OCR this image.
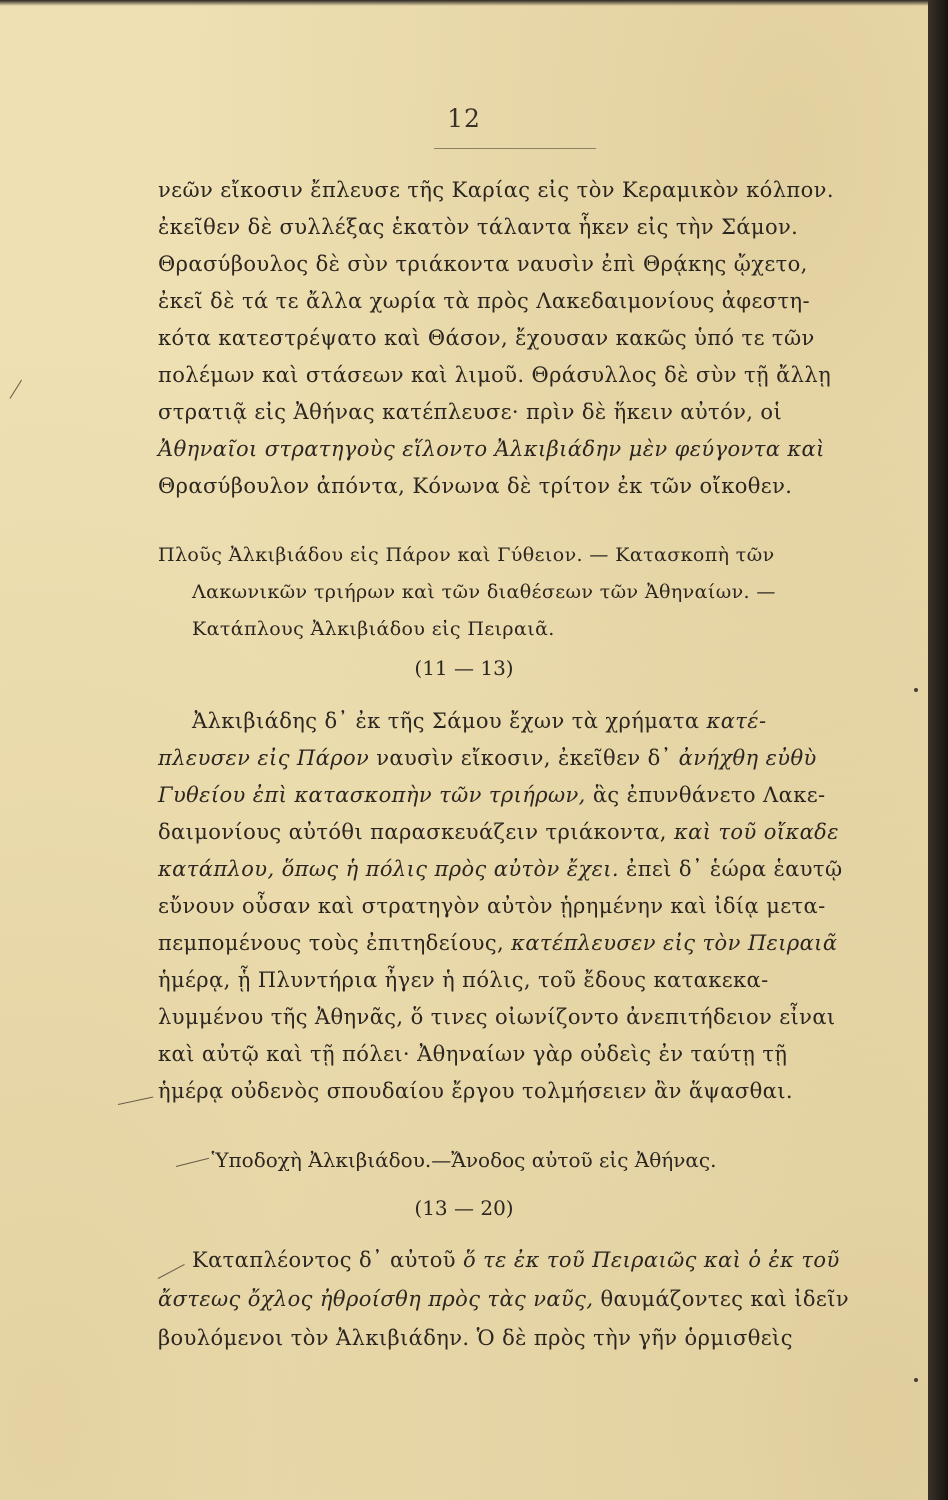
12
νεῶν εἴκοσιν ἔπλευσε τῆς Καρίας εἰς τὸν Κεραμικὸν κόλπον.
ἐκεῖθεν δὲ συλλέξας ἑκατὸν τάλαντα ἧκεν εἰς τὴν Σάμον.
Θρασύβουλος δὲ σὺν τριάκοντα ναυσὶν ἐπὶ Θρᾴκης ᾤχετο,
ἐκεῖ δὲ τά τε ἄλλα χωρία τὰ πρὸς Λακεδαιμονίους ἀφεστη-
κότα κατεστρέψατο καὶ Θάσον, ἔχουσαν κακῶς ὑπό τε τῶν
πολέμων καὶ στάσεων καὶ λιμοῦ. Θράσυλλος δὲ σὺν τῇ ἄλλῃ
στρατιᾷ εἰς Ἀθήνας κατέπλευσε· πρὶν δὲ ἥκειν αὐτόν, οἱ
Ἀθηναῖοι στρατηγοὺς εἵλοντο Ἀλκιβιάδην μὲν φεύγοντα καὶ
Θρασύβουλον ἀπόντα, Κόνωνα δὲ τρίτον ἐκ τῶν οἴκοθεν.
Πλοῦς Ἀλκιβιάδου εἰς Πάρον καὶ Γύθειον. — Κατασκοπὴ τῶν
Λακωνικῶν τριήρων καὶ τῶν διαθέσεων τῶν Ἀθηναίων. —
Κατάπλους Ἀλκιβιάδου εἰς Πειραιᾶ.
(11 — 13)
Ἀλκιβιάδης δ᾽ ἐκ τῆς Σάμου ἔχων τὰ χρήματα κατέ-
πλευσεν εἰς Πάρον ναυσὶν εἴκοσιν, ἐκεῖθεν δ᾽ ἀνήχθη εὐθὺ
Γυθείου ἐπὶ κατασκοπὴν τῶν τριήρων, ἃς ἐπυνθάνετο Λακε-
δαιμονίους αὐτόθι παρασκευάζειν τριάκοντα, καὶ τοῦ οἴκαδε
κατάπλου, ὅπως ἡ πόλις πρὸς αὐτὸν ἔχει. ἐπεὶ δ᾽ ἑώρα ἑαυτῷ
εὔνουν οὖσαν καὶ στρατηγὸν αὐτὸν ᾑρημένην καὶ ἰδίᾳ μετα-
πεμπομένους τοὺς ἐπιτηδείους, κατέπλευσεν εἰς τὸν Πειραιᾶ
ἡμέρᾳ, ᾗ Πλυντήρια ἦγεν ἡ πόλις, τοῦ ἔδους κατακεκα-
λυμμένου τῆς Ἀθηνᾶς, ὅ τινες οἰωνίζοντο ἀνεπιτήδειον εἶναι
καὶ αὐτῷ καὶ τῇ πόλει· Ἀθηναίων γὰρ οὐδεὶς ἐν ταύτῃ τῇ
ἡμέρᾳ οὐδενὸς σπουδαίου ἔργου τολμήσειεν ἂν ἅψασθαι.
Ὑποδοχὴ Ἀλκιβιάδου.—Ἄνοδος αὐτοῦ εἰς Ἀθήνας.
(13 — 20)
Καταπλέοντος δ᾽ αὐτοῦ ὅ τε ἐκ τοῦ Πειραιῶς καὶ ὁ ἐκ τοῦ
ἄστεως ὄχλος ἠθροίσθη πρὸς τὰς ναῦς, θαυμάζοντες καὶ ἰδεῖν
βουλόμενοι τὸν Ἀλκιβιάδην. Ὁ δὲ πρὸς τὴν γῆν ὁρμισθεὶς
